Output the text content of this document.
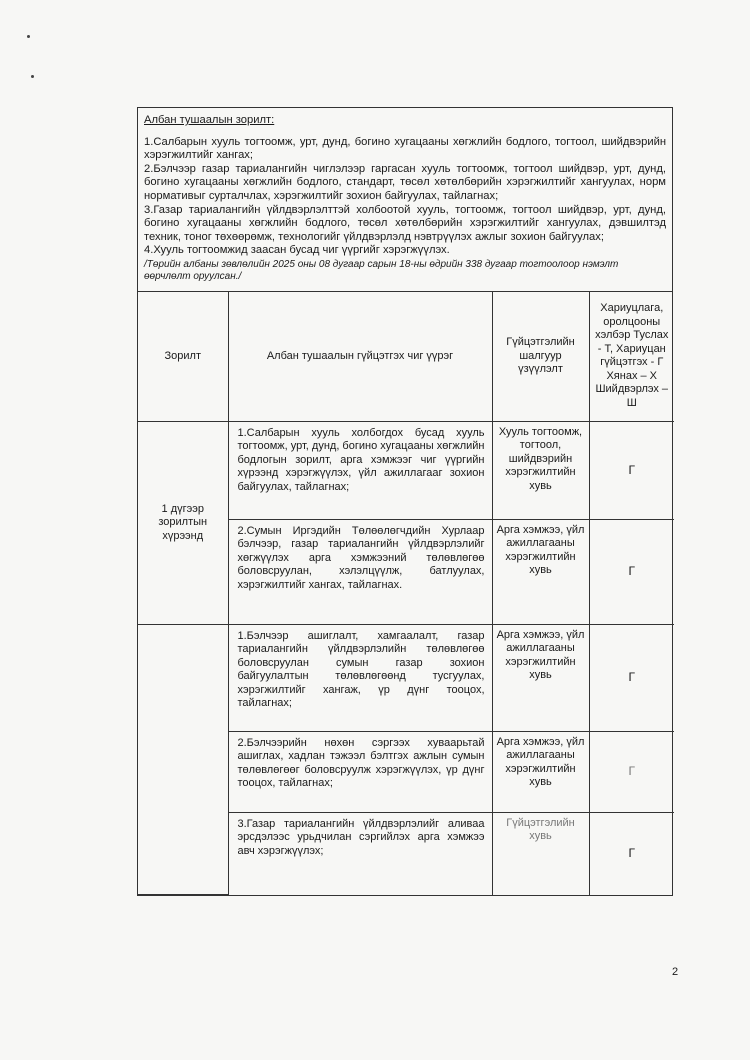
Албан тушаалын зорилт:
1.Салбарын хууль тогтоомж, урт, дунд, богино хугацааны хөгжлийн бодлого, тогтоол, шийдвэрийн хэрэгжилтийг хангах;
2.Бэлчээр газар тариалангийн чиглэлээр гаргасан хууль тогтоомж, тогтоол шийдвэр, урт, дунд, богино хугацааны хөгжлийн бодлого, стандарт, төсөл хөтөлбөрийн хэрэгжилтийг хангуулах, норм нормативыг сурталчлах, хэрэгжилтийг зохион байгуулах, тайлагнах;
3.Газар тариалангийн үйлдвэрлэлттэй холбоотой хууль, тогтоомж, тогтоол шийдвэр, урт, дунд, богино хугацааны хөгжлийн бодлого, төсөл хөтөлбөрийн хэрэгжилтийг хангуулах, дэвшилтэд техник, тоног төхөөрөмж, технологийг үйлдвэрлэлд нэвтрүүлэх ажлыг зохион байгуулах;
4.Хууль тогтоомжид заасан бусад чиг үүргийг хэрэгжүүлэх.
/Төрийн албаны зөвлөлийн 2025 оны 08 дугаар сарын 18-ны өдрийн 338 дугаар тогтоолоор нэмэлт өөрчлөлт оруулсан./
Зорилт	Албан тушаалын гүйцэтгэх чиг үүрэг	Гүйцэтгэлийн шалгуур үзүүлэлт	Хариуцлага, оролцооны хэлбэр Туслах - Т, Хариуцан гүйцэтгэх - Г Хянах – Х Шийдвэрлэх – Ш
1 дүгээр зорилтын хүрээнд	1.Салбарын хууль холбогдох бусад хууль тогтоомж, урт, дунд, богино хугацааны хөгжлийн бодлогын зорилт, арга хэмжээг чиг үүргийн хүрээнд хэрэгжүүлэх, үйл ажиллагааг зохион байгуулах, тайлагнах;	Хууль тогтоомж, тогтоол, шийдвэрийн хэрэгжилтийн хувь	Г
	2.Сумын Иргэдийн Төлөөлөгчдийн Хурлаар бэлчээр, газар тариалангийн үйлдвэрлэлийг хөгжүүлэх арга хэмжээний төлөвлөгөө боловсруулан, хэлэлцүүлж, батлуулах, хэрэгжилтийг хангах, тайлагнах.	Арга хэмжээ, үйл ажиллагааны хэрэгжилтийн хувь	Г
	1.Бэлчээр ашиглалт, хамгаалалт, газар тариалангийн үйлдвэрлэлийн төлөвлөгөө боловсруулан сумын газар зохион байгуулалтын төлөвлөгөөнд тусгуулах, хэрэгжилтийг хангаж, үр дүнг тооцох, тайлагнах;	Арга хэмжээ, үйл ажиллагааны хэрэгжилтийн хувь	Г
	2.Бэлчээрийн нөхөн сэргээх хуваарьтай ашиглах, хадлан тэжээл бэлтгэх ажлын сумын төлөвлөгөөг боловсруулж хэрэгжүүлэх, үр дүнг тооцох, тайлагнах;	Арга хэмжээ, үйл ажиллагааны хэрэгжилтийн хувь	Г
	3.Газар тариалангийн үйлдвэрлэлийг аливаа эрсдэлээс урьдчилан сэргийлэх арга хэмжээ авч хэрэгжүүлэх;	Гүйцэтгэлийн хувь	Г
2
